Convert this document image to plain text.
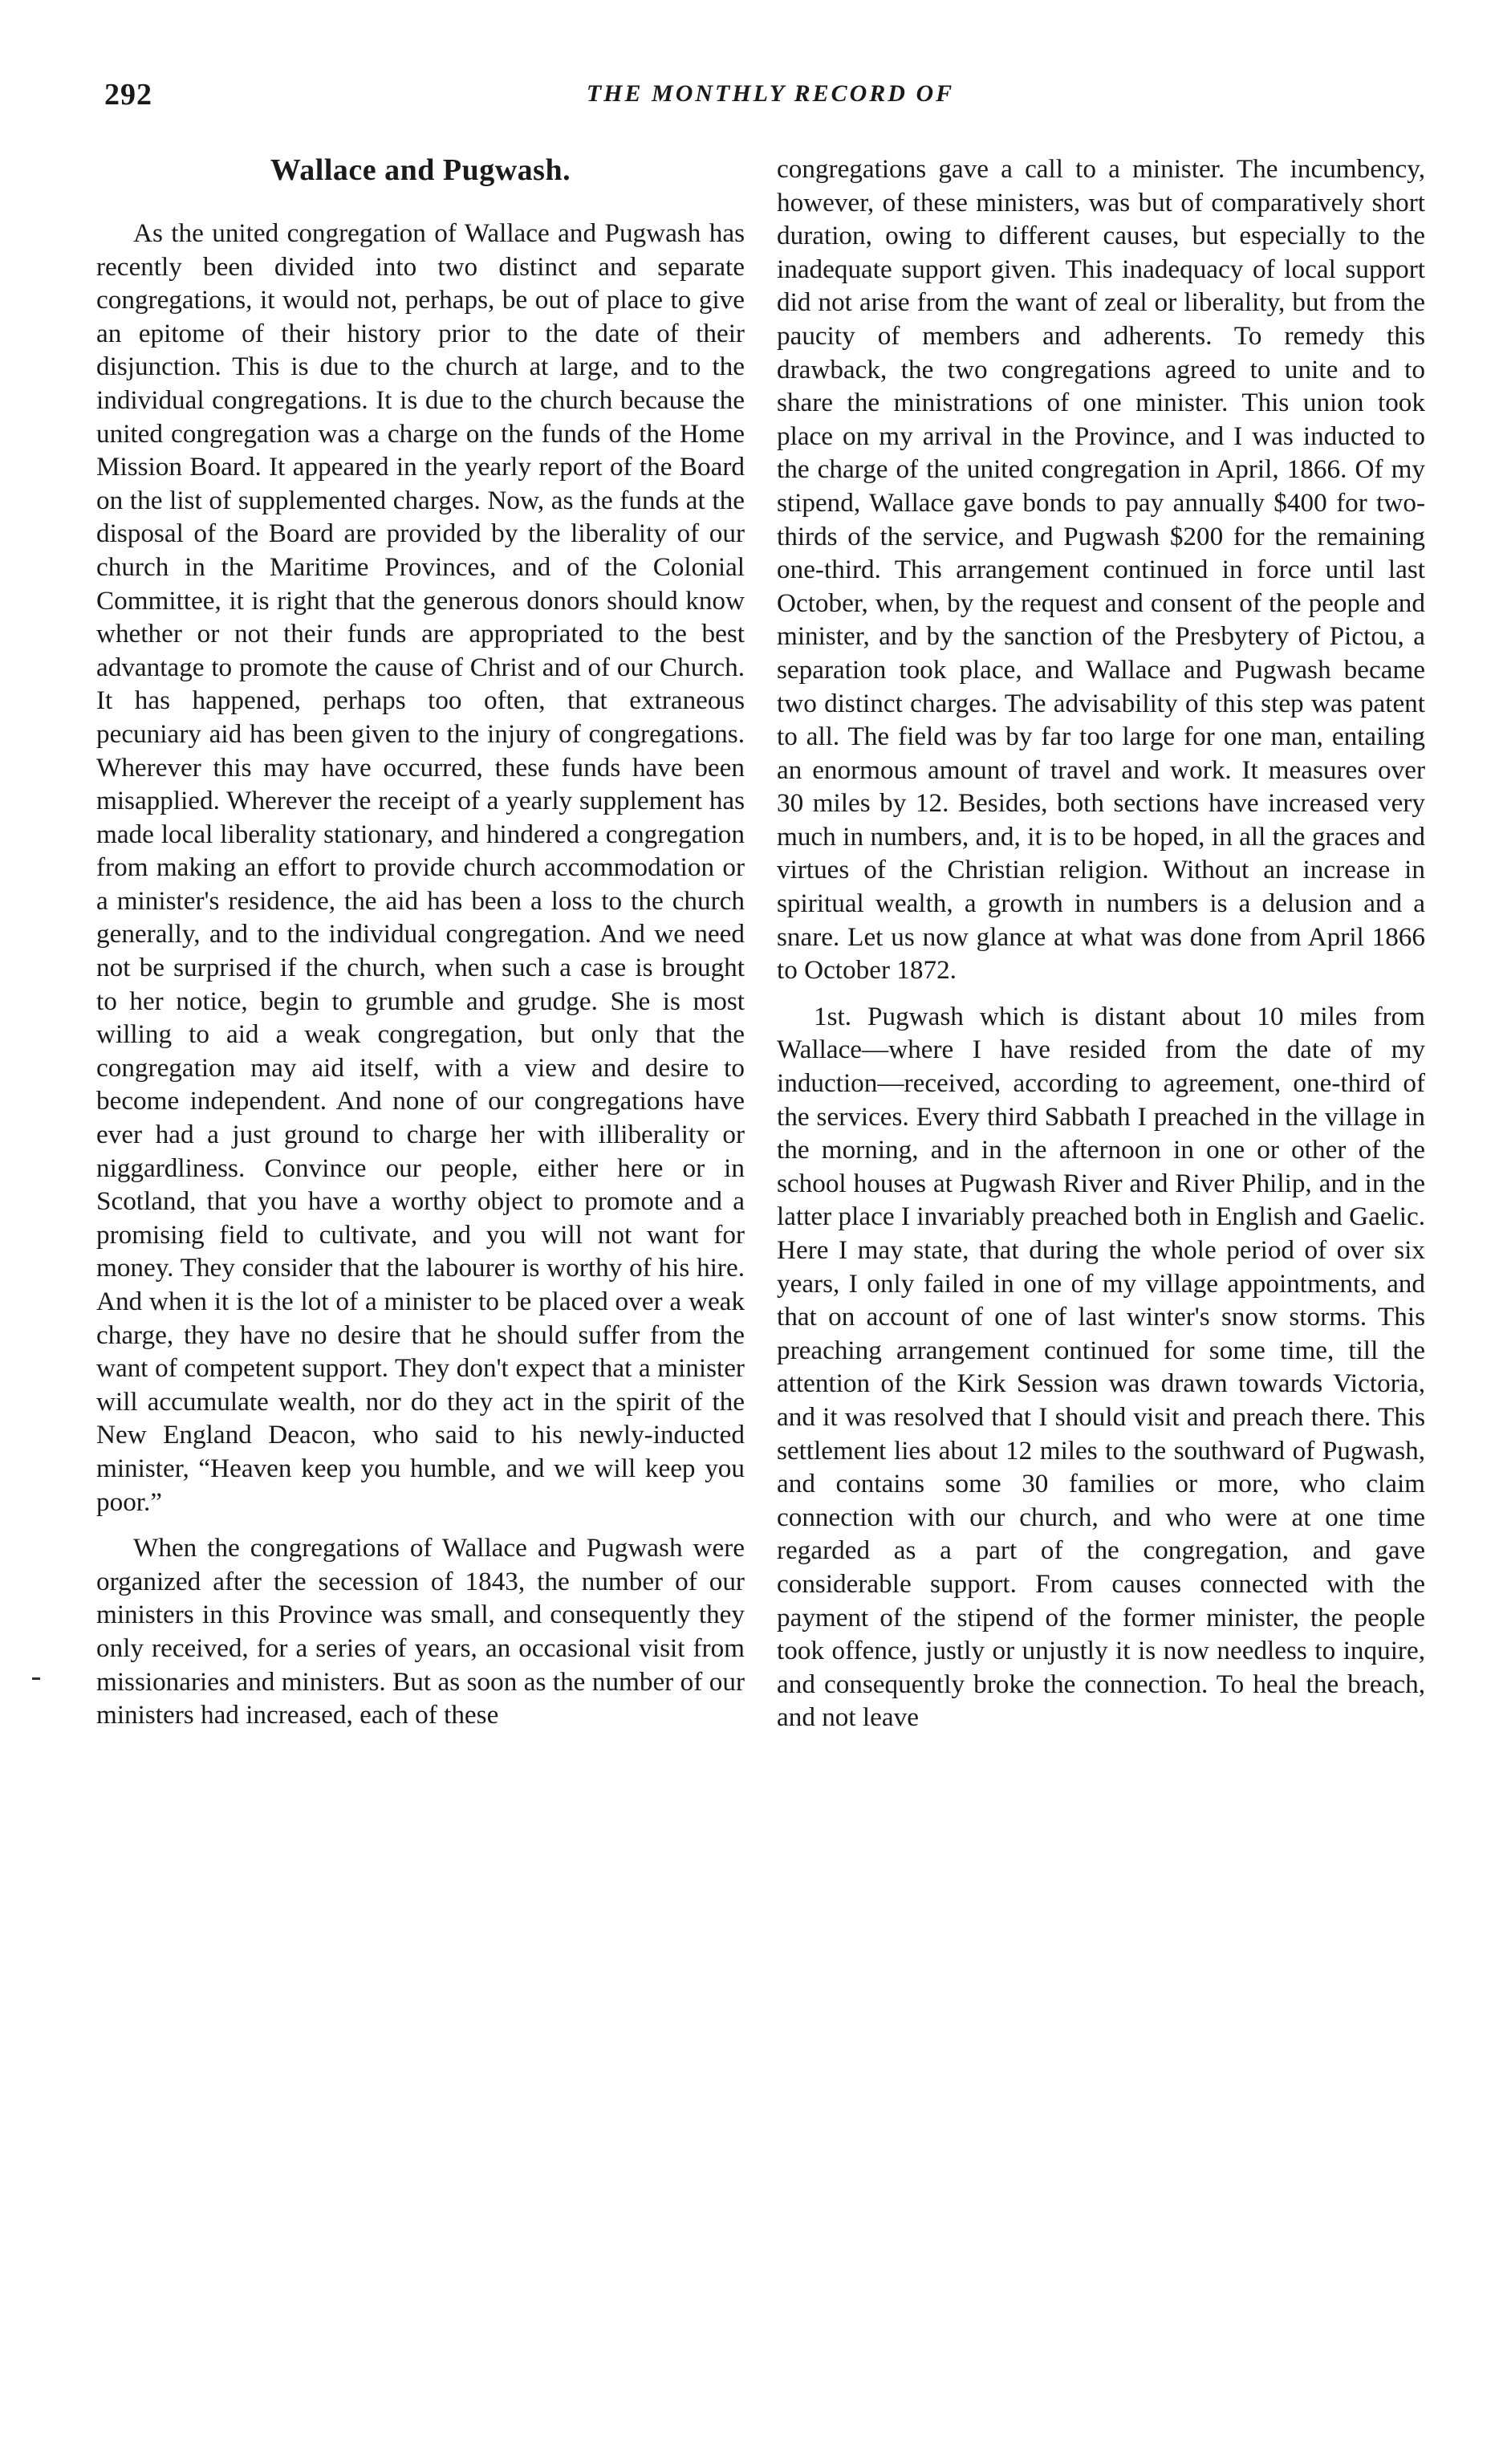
292	THE MONTHLY RECORD OF
Wallace and Pugwash.

As the united congregation of Wallace and Pugwash has recently been divided into two distinct and separate congregations, it would not, perhaps, be out of place to give an epitome of their history prior to the date of their disjunction. This is due to the church at large, and to the individual congregations. It is due to the church because the united congregation was a charge on the funds of the Home Mission Board. It appeared in the yearly report of the Board on the list of supplemented charges. Now, as the funds at the disposal of the Board are provided by the liberality of our church in the Maritime Provinces, and of the Colonial Committee, it is right that the generous donors should know whether or not their funds are appropriated to the best advantage to promote the cause of Christ and of our Church. It has happened, perhaps too often, that extraneous pecuniary aid has been given to the injury of congregations. Wherever this may have occurred, these funds have been misapplied. Wherever the receipt of a yearly supplement has made local liberality stationary, and hindered a congregation from making an effort to provide church accommodation or a minister's residence, the aid has been a loss to the church generally, and to the individual congregation. And we need not be surprised if the church, when such a case is brought to her notice, begin to grumble and grudge. She is most willing to aid a weak congregation, but only that the congregation may aid itself, with a view and desire to become independent. And none of our congregations have ever had a just ground to charge her with illiberality or niggardliness. Convince our people, either here or in Scotland, that you have a worthy object to promote and a promising field to cultivate, and you will not want for money. They consider that the labourer is worthy of his hire. And when it is the lot of a minister to be placed over a weak charge, they have no desire that he should suffer from the want of competent support. They don't expect that a minister will accumulate wealth, nor do they act in the spirit of the New England Deacon, who said to his newly-inducted minister, “Heaven keep you humble, and we will keep you poor.”

When the congregations of Wallace and Pugwash were organized after the secession of 1843, the number of our ministers in this Province was small, and consequently they only received, for a series of years, an occasional visit from missionaries and ministers. But as soon as the number of our ministers had increased, each of these

congregations gave a call to a minister. The incumbency, however, of these ministers, was but of comparatively short duration, owing to different causes, but especially to the inadequate support given. This inadequacy of local support did not arise from the want of zeal or liberality, but from the paucity of members and adherents. To remedy this drawback, the two congregations agreed to unite and to share the ministrations of one minister. This union took place on my arrival in the Province, and I was inducted to the charge of the united congregation in April, 1866. Of my stipend, Wallace gave bonds to pay annually $400 for two-thirds of the service, and Pugwash $200 for the remaining one-third. This arrangement continued in force until last October, when, by the request and consent of the people and minister, and by the sanction of the Presbytery of Pictou, a separation took place, and Wallace and Pugwash became two distinct charges. The advisability of this step was patent to all. The field was by far too large for one man, entailing an enormous amount of travel and work. It measures over 30 miles by 12. Besides, both sections have increased very much in numbers, and, it is to be hoped, in all the graces and virtues of the Christian religion. Without an increase in spiritual wealth, a growth in numbers is a delusion and a snare. Let us now glance at what was done from April 1866 to October 1872.

1st. Pugwash which is distant about 10 miles from Wallace—where I have resided from the date of my induction—received, according to agreement, one-third of the services. Every third Sabbath I preached in the village in the morning, and in the afternoon in one or other of the school houses at Pugwash River and River Philip, and in the latter place I invariably preached both in English and Gaelic. Here I may state, that during the whole period of over six years, I only failed in one of my village appointments, and that on account of one of last winter's snow storms. This preaching arrangement continued for some time, till the attention of the Kirk Session was drawn towards Victoria, and it was resolved that I should visit and preach there. This settlement lies about 12 miles to the southward of Pugwash, and contains some 30 families or more, who claim connection with our church, and who were at one time regarded as a part of the congregation, and gave considerable support. From causes connected with the payment of the stipend of the former minister, the people took offence, justly or unjustly it is now needless to inquire, and consequently broke the connection. To heal the breach, and not leave
